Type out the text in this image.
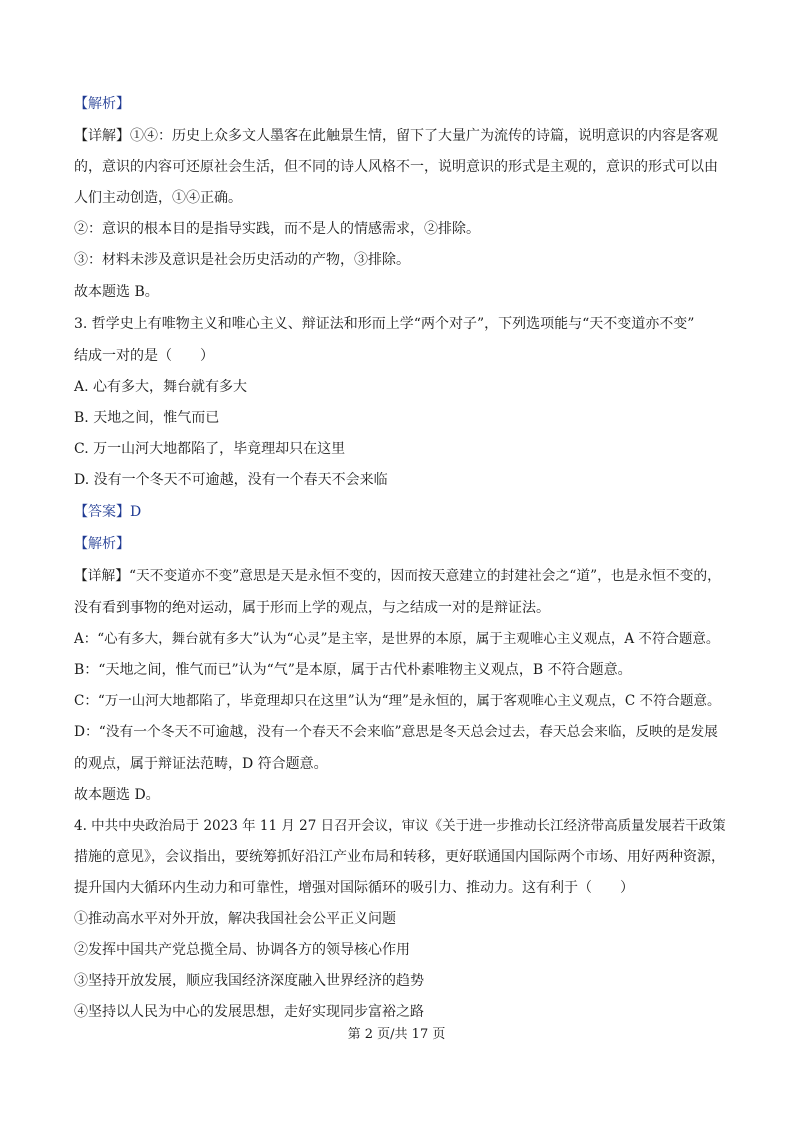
【解析】
【详解】①④：历史上众多文人墨客在此触景生情，留下了大量广为流传的诗篇，说明意识的内容是客观
的，意识的内容可还原社会生活，但不同的诗人风格不一，说明意识的形式是主观的，意识的形式可以由
人们主动创造，①④正确。
②：意识的根本目的是指导实践，而不是人的情感需求，②排除。
③：材料未涉及意识是社会历史活动的产物，③排除。
故本题选 B。
3. 哲学史上有唯物主义和唯心主义、辩证法和形而上学“两个对子”，下列选项能与“天不变道亦不变”
结成一对的是（　　）
A. 心有多大，舞台就有多大
B. 天地之间，惟气而已
C. 万一山河大地都陷了，毕竟理却只在这里
D. 没有一个冬天不可逾越，没有一个春天不会来临
【答案】D
【解析】
【详解】“天不变道亦不变”意思是天是永恒不变的，因而按天意建立的封建社会之“道”，也是永恒不变的，
没有看到事物的绝对运动，属于形而上学的观点，与之结成一对的是辩证法。
A：“心有多大，舞台就有多大”认为“心灵”是主宰，是世界的本原，属于主观唯心主义观点，A 不符合题意。
B：“天地之间，惟气而已”认为“气”是本原，属于古代朴素唯物主义观点，B 不符合题意。
C：“万一山河大地都陷了，毕竟理却只在这里”认为“理”是永恒的，属于客观唯心主义观点，C 不符合题意。
D：“没有一个冬天不可逾越，没有一个春天不会来临”意思是冬天总会过去，春天总会来临，反映的是发展
的观点，属于辩证法范畴，D 符合题意。
故本题选 D。
4. 中共中央政治局于 2023 年 11 月 27 日召开会议，审议《关于进一步推动长江经济带高质量发展若干政策
措施的意见》，会议指出，要统筹抓好沿江产业布局和转移，更好联通国内国际两个市场、用好两种资源，
提升国内大循环内生动力和可靠性，增强对国际循环的吸引力、推动力。这有利于（　　）
①推动高水平对外开放，解决我国社会公平正义问题
②发挥中国共产党总揽全局、协调各方的领导核心作用
③坚持开放发展，顺应我国经济深度融入世界经济的趋势
④坚持以人民为中心的发展思想，走好实现同步富裕之路
第 2 页/共 17 页
